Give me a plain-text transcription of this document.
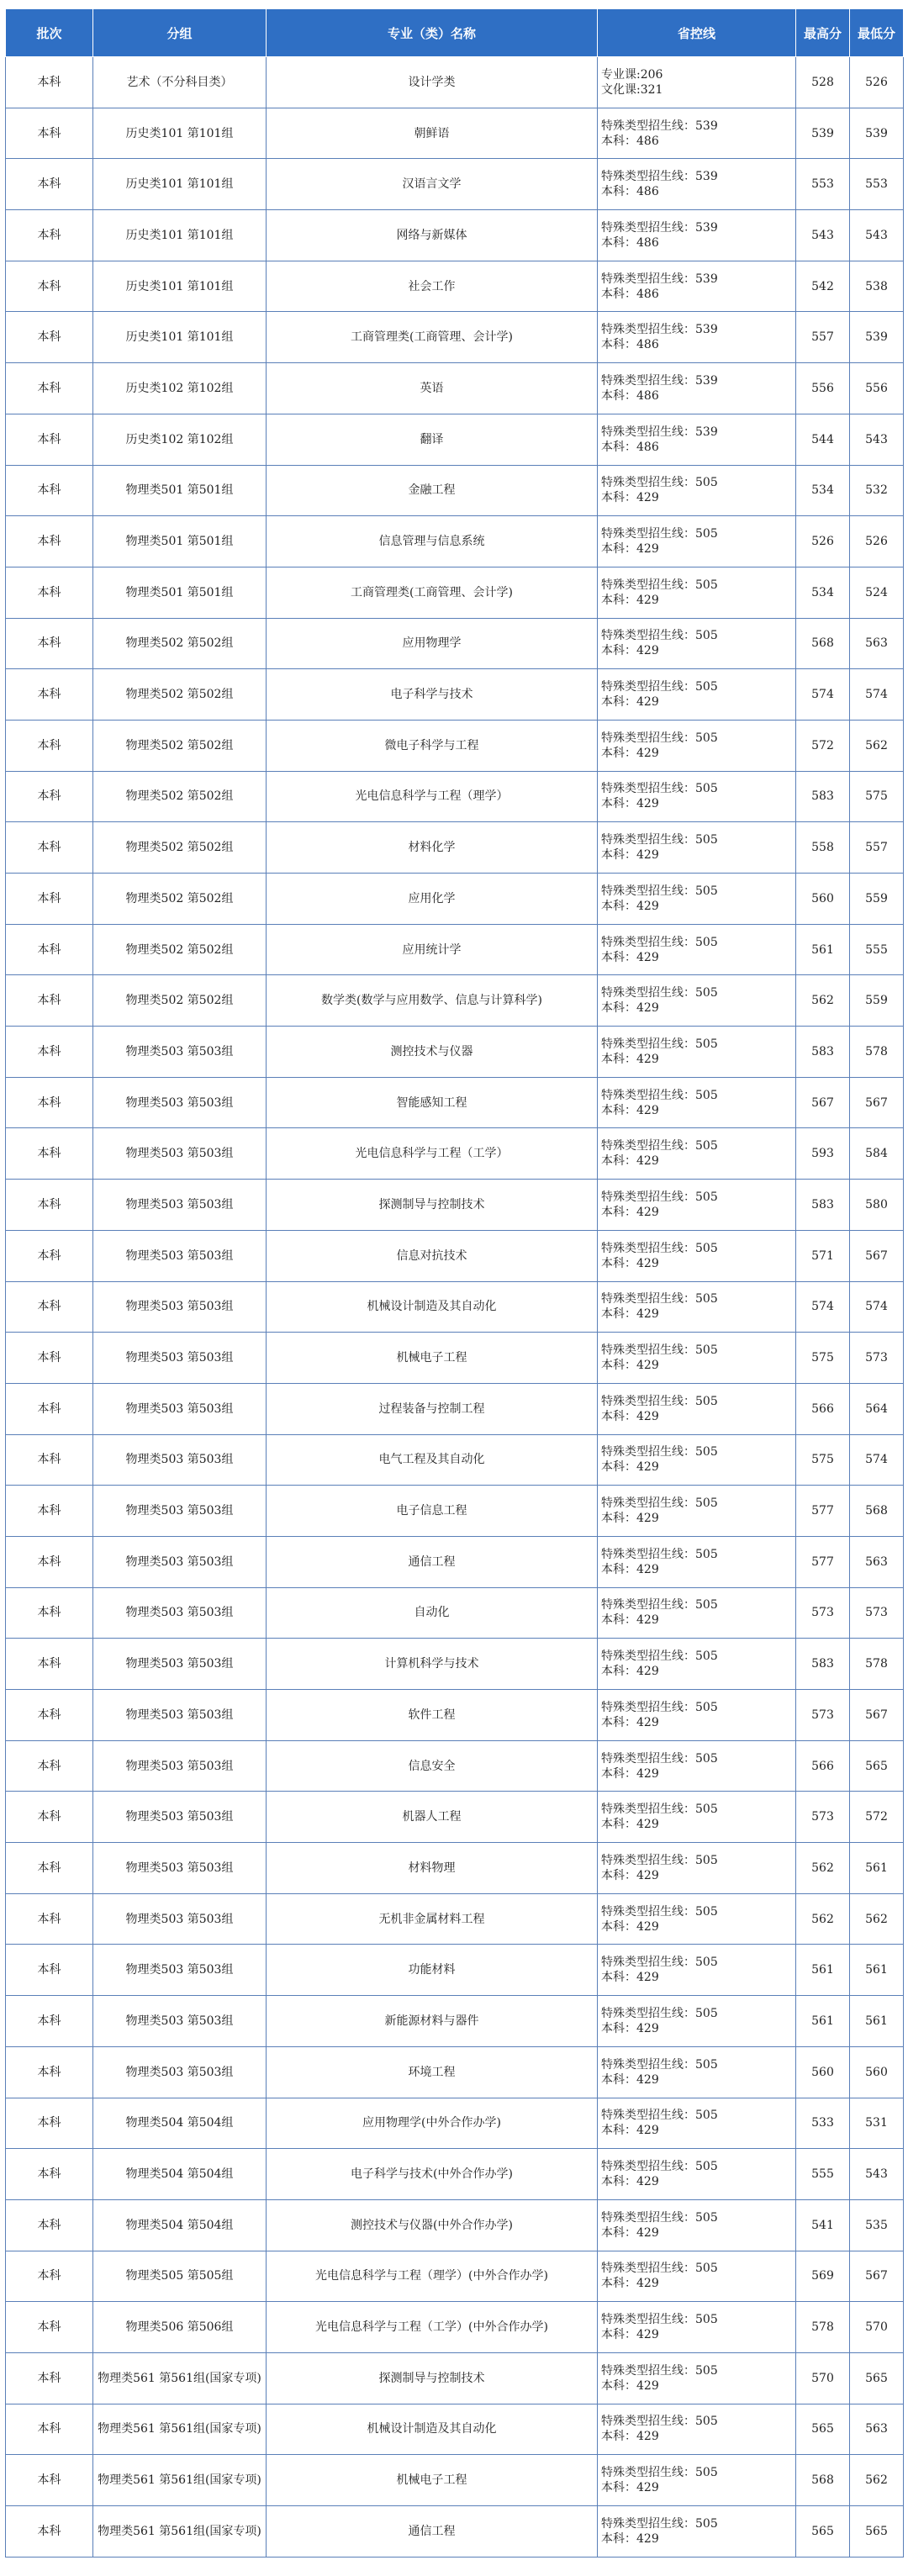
批次	分组	专业（类）名称	省控线	最高分	最低分
本科	艺术（不分科目类）	设计学类	专业课:206
文化课:321	528	526
本科	历史类101 第101组	朝鲜语	特殊类型招生线：539
本科：486	539	539
本科	历史类101 第101组	汉语言文学	特殊类型招生线：539
本科：486	553	553
本科	历史类101 第101组	网络与新媒体	特殊类型招生线：539
本科：486	543	543
本科	历史类101 第101组	社会工作	特殊类型招生线：539
本科：486	542	538
本科	历史类101 第101组	工商管理类(工商管理、会计学)	特殊类型招生线：539
本科：486	557	539
本科	历史类102 第102组	英语	特殊类型招生线：539
本科：486	556	556
本科	历史类102 第102组	翻译	特殊类型招生线：539
本科：486	544	543
本科	物理类501 第501组	金融工程	特殊类型招生线：505
本科：429	534	532
本科	物理类501 第501组	信息管理与信息系统	特殊类型招生线：505
本科：429	526	526
本科	物理类501 第501组	工商管理类(工商管理、会计学)	特殊类型招生线：505
本科：429	534	524
本科	物理类502 第502组	应用物理学	特殊类型招生线：505
本科：429	568	563
本科	物理类502 第502组	电子科学与技术	特殊类型招生线：505
本科：429	574	574
本科	物理类502 第502组	微电子科学与工程	特殊类型招生线：505
本科：429	572	562
本科	物理类502 第502组	光电信息科学与工程（理学）	特殊类型招生线：505
本科：429	583	575
本科	物理类502 第502组	材料化学	特殊类型招生线：505
本科：429	558	557
本科	物理类502 第502组	应用化学	特殊类型招生线：505
本科：429	560	559
本科	物理类502 第502组	应用统计学	特殊类型招生线：505
本科：429	561	555
本科	物理类502 第502组	数学类(数学与应用数学、信息与计算科学)	特殊类型招生线：505
本科：429	562	559
本科	物理类503 第503组	测控技术与仪器	特殊类型招生线：505
本科：429	583	578
本科	物理类503 第503组	智能感知工程	特殊类型招生线：505
本科：429	567	567
本科	物理类503 第503组	光电信息科学与工程（工学）	特殊类型招生线：505
本科：429	593	584
本科	物理类503 第503组	探测制导与控制技术	特殊类型招生线：505
本科：429	583	580
本科	物理类503 第503组	信息对抗技术	特殊类型招生线：505
本科：429	571	567
本科	物理类503 第503组	机械设计制造及其自动化	特殊类型招生线：505
本科：429	574	574
本科	物理类503 第503组	机械电子工程	特殊类型招生线：505
本科：429	575	573
本科	物理类503 第503组	过程装备与控制工程	特殊类型招生线：505
本科：429	566	564
本科	物理类503 第503组	电气工程及其自动化	特殊类型招生线：505
本科：429	575	574
本科	物理类503 第503组	电子信息工程	特殊类型招生线：505
本科：429	577	568
本科	物理类503 第503组	通信工程	特殊类型招生线：505
本科：429	577	563
本科	物理类503 第503组	自动化	特殊类型招生线：505
本科：429	573	573
本科	物理类503 第503组	计算机科学与技术	特殊类型招生线：505
本科：429	583	578
本科	物理类503 第503组	软件工程	特殊类型招生线：505
本科：429	573	567
本科	物理类503 第503组	信息安全	特殊类型招生线：505
本科：429	566	565
本科	物理类503 第503组	机器人工程	特殊类型招生线：505
本科：429	573	572
本科	物理类503 第503组	材料物理	特殊类型招生线：505
本科：429	562	561
本科	物理类503 第503组	无机非金属材料工程	特殊类型招生线：505
本科：429	562	562
本科	物理类503 第503组	功能材料	特殊类型招生线：505
本科：429	561	561
本科	物理类503 第503组	新能源材料与器件	特殊类型招生线：505
本科：429	561	561
本科	物理类503 第503组	环境工程	特殊类型招生线：505
本科：429	560	560
本科	物理类504 第504组	应用物理学(中外合作办学)	特殊类型招生线：505
本科：429	533	531
本科	物理类504 第504组	电子科学与技术(中外合作办学)	特殊类型招生线：505
本科：429	555	543
本科	物理类504 第504组	测控技术与仪器(中外合作办学)	特殊类型招生线：505
本科：429	541	535
本科	物理类505 第505组	光电信息科学与工程（理学）(中外合作办学)	特殊类型招生线：505
本科：429	569	567
本科	物理类506 第506组	光电信息科学与工程（工学）(中外合作办学)	特殊类型招生线：505
本科：429	578	570
本科	物理类561 第561组(国家专项)	探测制导与控制技术	特殊类型招生线：505
本科：429	570	565
本科	物理类561 第561组(国家专项)	机械设计制造及其自动化	特殊类型招生线：505
本科：429	565	563
本科	物理类561 第561组(国家专项)	机械电子工程	特殊类型招生线：505
本科：429	568	562
本科	物理类561 第561组(国家专项)	通信工程	特殊类型招生线：505
本科：429	565	565
